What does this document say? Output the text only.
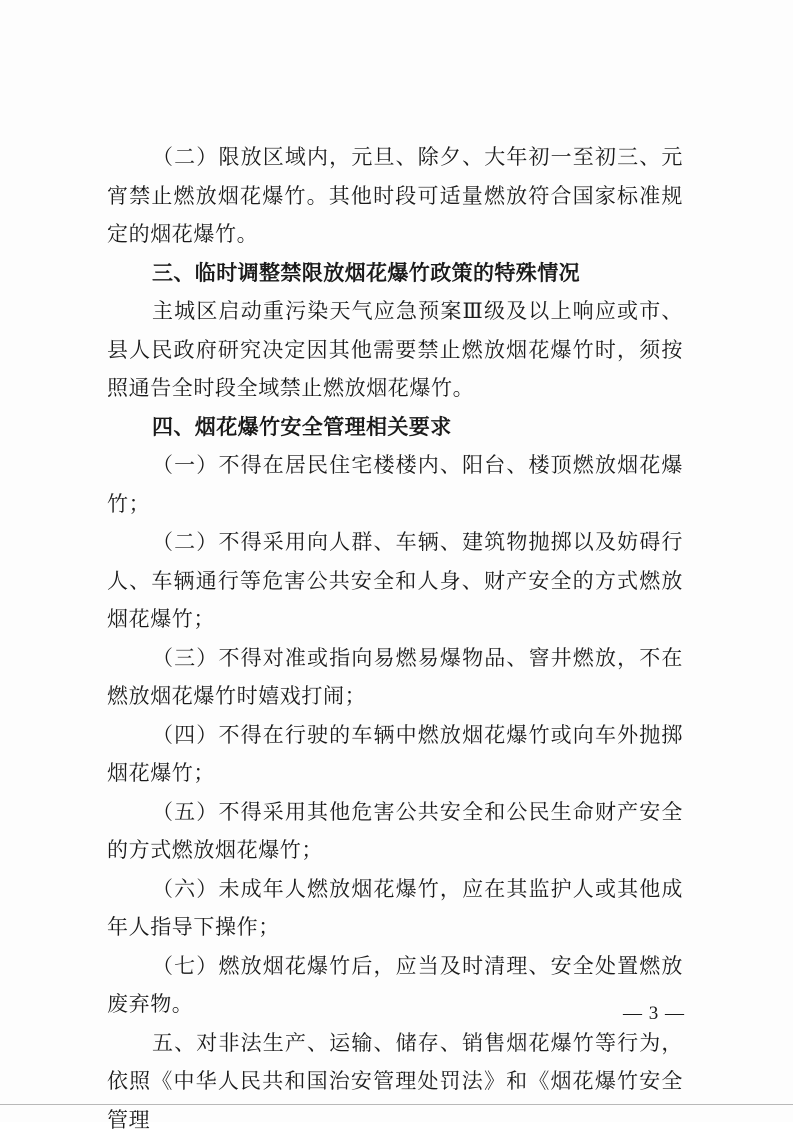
（二）限放区域内，元旦、除夕、大年初一至初三、元宵禁止燃放烟花爆竹。其他时段可适量燃放符合国家标准规定的烟花爆竹。

三、临时调整禁限放烟花爆竹政策的特殊情况

主城区启动重污染天气应急预案Ⅲ级及以上响应或市、县人民政府研究决定因其他需要禁止燃放烟花爆竹时，须按照通告全时段全域禁止燃放烟花爆竹。

四、烟花爆竹安全管理相关要求

（一）不得在居民住宅楼楼内、阳台、楼顶燃放烟花爆竹；

（二）不得采用向人群、车辆、建筑物抛掷以及妨碍行人、车辆通行等危害公共安全和人身、财产安全的方式燃放烟花爆竹；

（三）不得对准或指向易燃易爆物品、窨井燃放，不在燃放烟花爆竹时嬉戏打闹；

（四）不得在行驶的车辆中燃放烟花爆竹或向车外抛掷烟花爆竹；

（五）不得采用其他危害公共安全和公民生命财产安全的方式燃放烟花爆竹；

（六）未成年人燃放烟花爆竹，应在其监护人或其他成年人指导下操作；

（七）燃放烟花爆竹后，应当及时清理、安全处置燃放废弃物。

五、对非法生产、运输、储存、销售烟花爆竹等行为，依照《中华人民共和国治安管理处罚法》和《烟花爆竹安全管理

— 3 —
